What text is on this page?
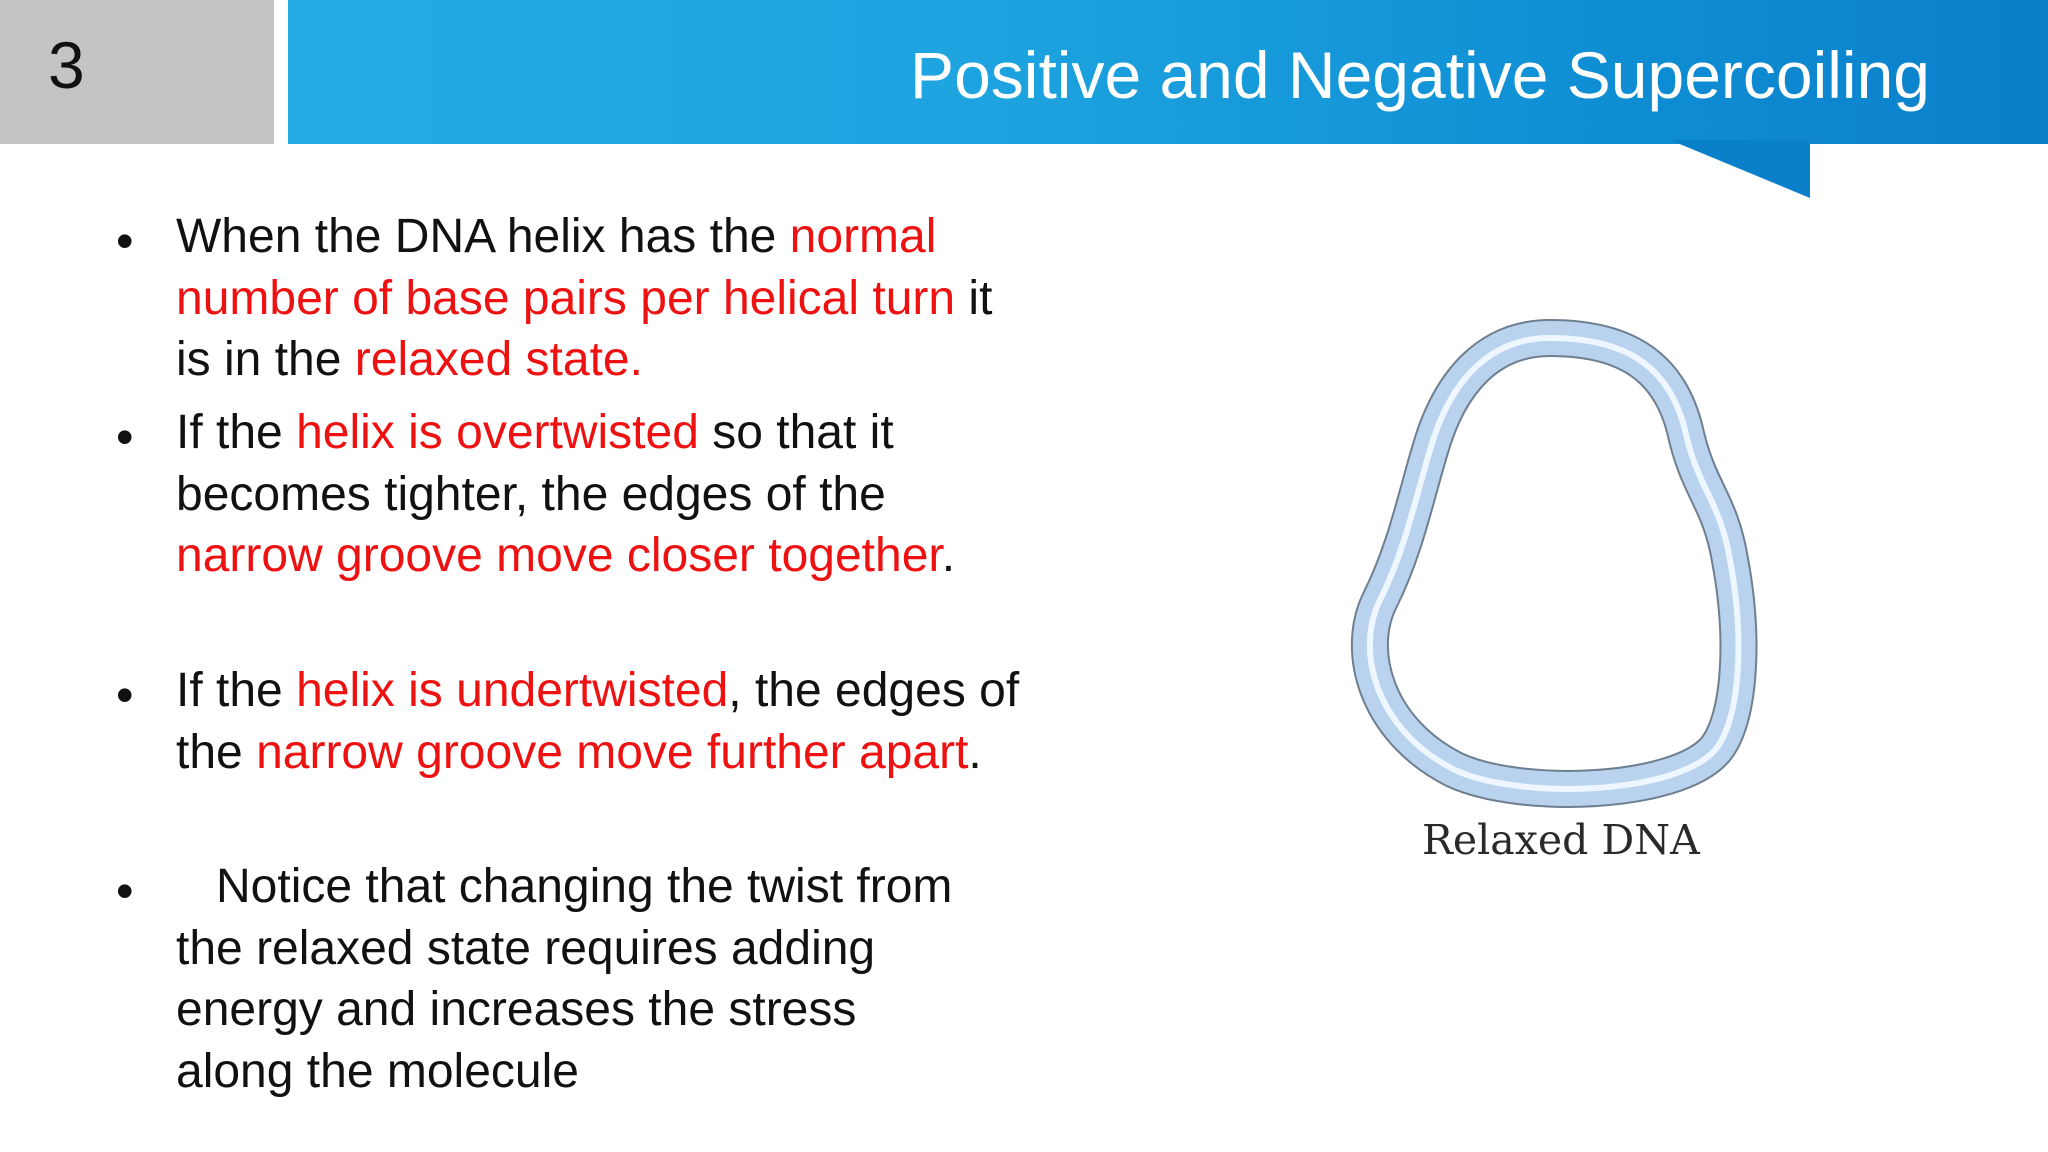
3	Positive and Negative Supercoiling
• When the DNA helix has the normal number of base pairs per helical turn it is in the relaxed state.
• If the helix is overtwisted so that it becomes tighter, the edges of the narrow groove move closer together.
• If the helix is undertwisted, the edges of the narrow groove move further apart.
• Notice that changing the twist from the relaxed state requires adding energy and increases the stress along the molecule
Relaxed DNA
